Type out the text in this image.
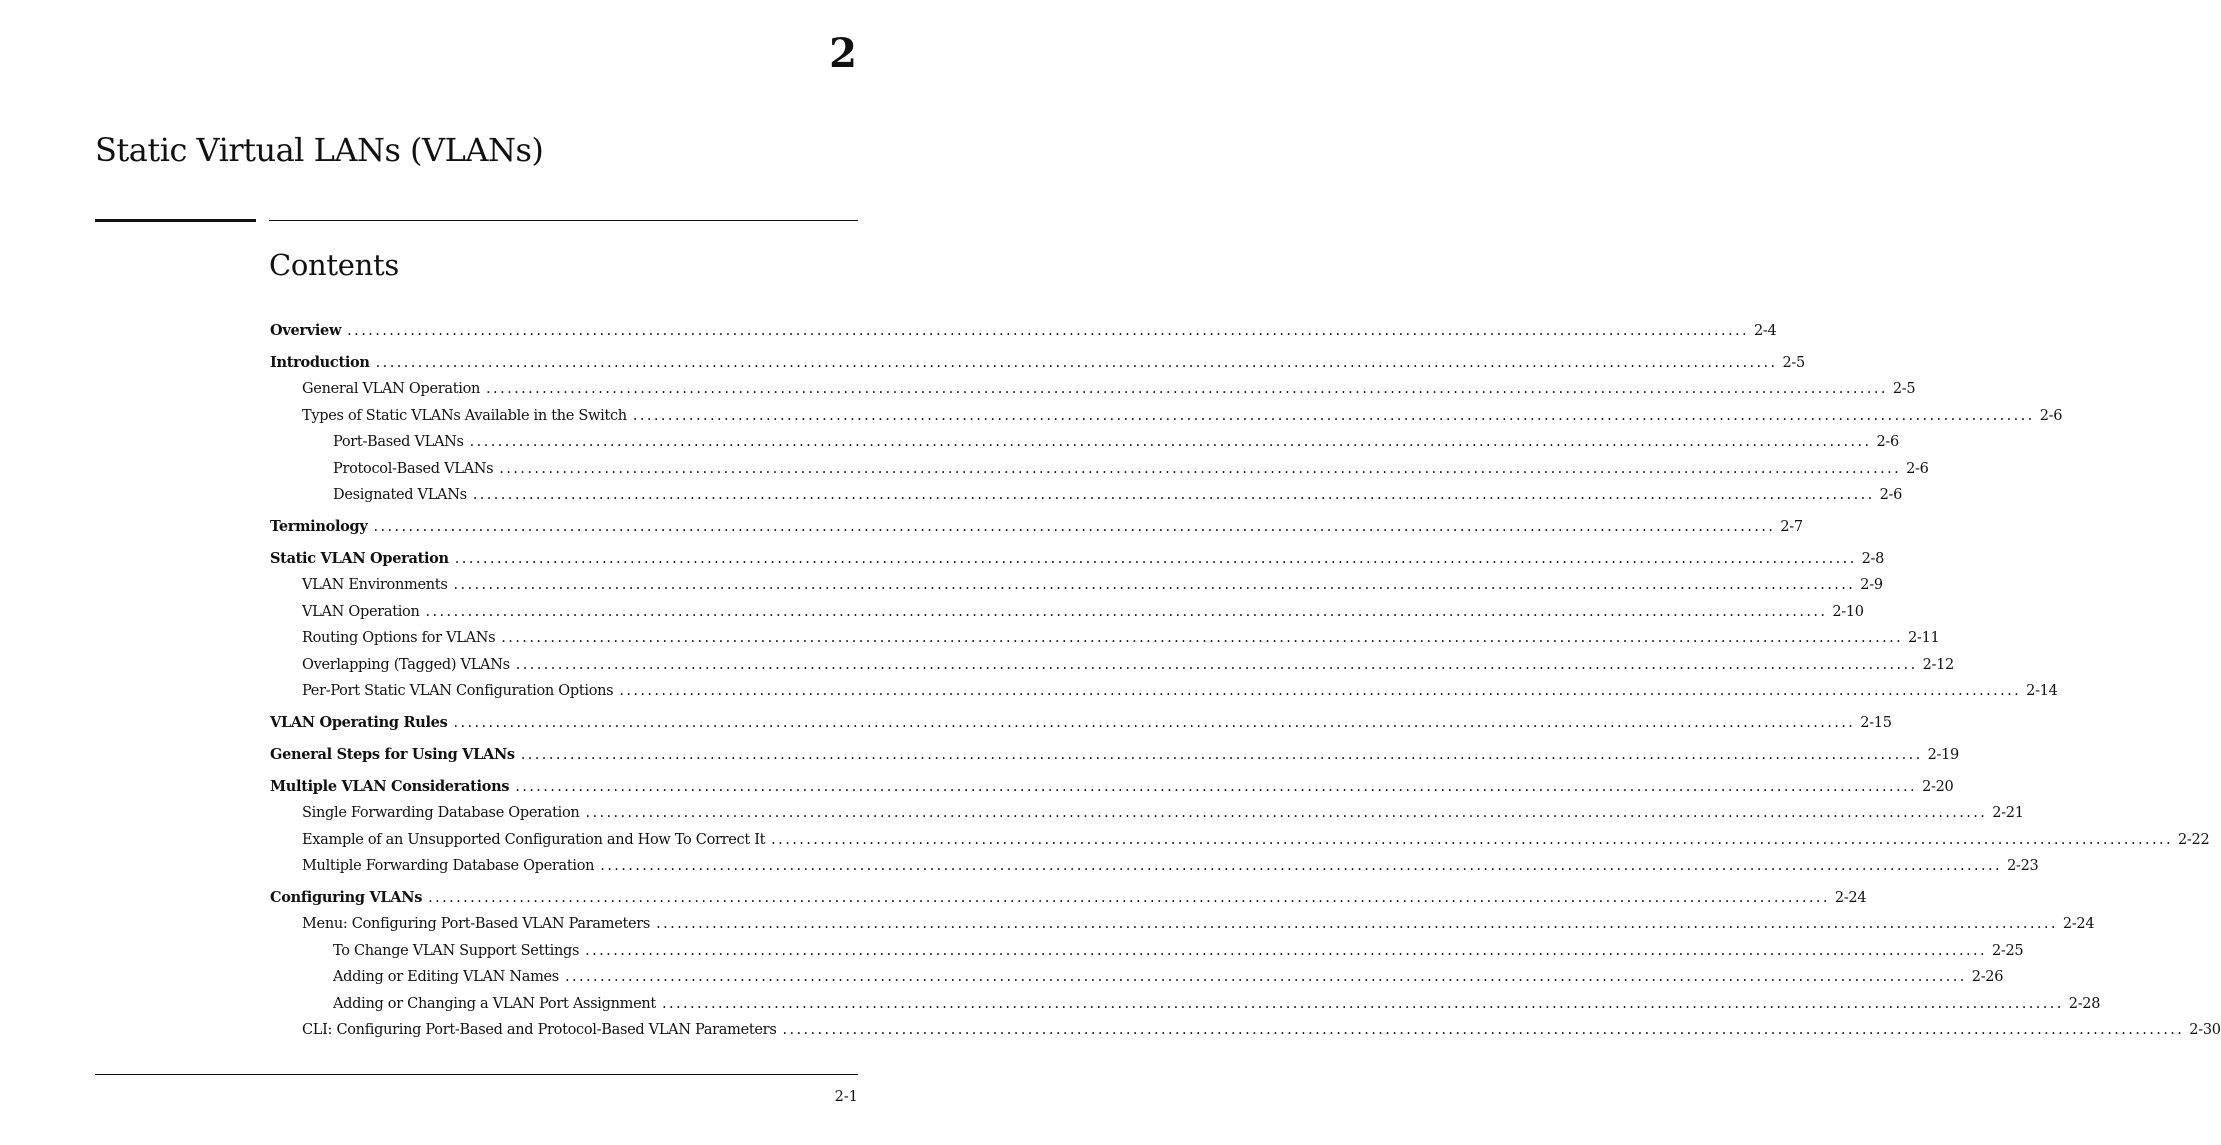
2
Static Virtual LANs (VLANs)
Contents
Overview ........................................................................................................................................................................................................ 2-4
Introduction ........................................................................................................................................................................................................ 2-5
General VLAN Operation ........................................................................................................................................................................................................ 2-5
Types of Static VLANs Available in the Switch ........................................................................................................................................................................................................ 2-6
Port-Based VLANs ........................................................................................................................................................................................................ 2-6
Protocol-Based VLANs ........................................................................................................................................................................................................ 2-6
Designated VLANs ........................................................................................................................................................................................................ 2-6
Terminology ........................................................................................................................................................................................................ 2-7
Static VLAN Operation ........................................................................................................................................................................................................ 2-8
VLAN Environments ........................................................................................................................................................................................................ 2-9
VLAN Operation ........................................................................................................................................................................................................ 2-10
Routing Options for VLANs ........................................................................................................................................................................................................ 2-11
Overlapping (Tagged) VLANs ........................................................................................................................................................................................................ 2-12
Per-Port Static VLAN Configuration Options ........................................................................................................................................................................................................ 2-14
VLAN Operating Rules ........................................................................................................................................................................................................ 2-15
General Steps for Using VLANs ........................................................................................................................................................................................................ 2-19
Multiple VLAN Considerations ........................................................................................................................................................................................................ 2-20
Single Forwarding Database Operation ........................................................................................................................................................................................................ 2-21
Example of an Unsupported Configuration and How To Correct It ........................................................................................................................................................................................................ 2-22
Multiple Forwarding Database Operation ........................................................................................................................................................................................................ 2-23
Configuring VLANs ........................................................................................................................................................................................................ 2-24
Menu: Configuring Port-Based VLAN Parameters ........................................................................................................................................................................................................ 2-24
To Change VLAN Support Settings ........................................................................................................................................................................................................ 2-25
Adding or Editing VLAN Names ........................................................................................................................................................................................................ 2-26
Adding or Changing a VLAN Port Assignment ........................................................................................................................................................................................................ 2-28
CLI: Configuring Port-Based and Protocol-Based VLAN Parameters ........................................................................................................................................................................................................ 2-30
2-1
